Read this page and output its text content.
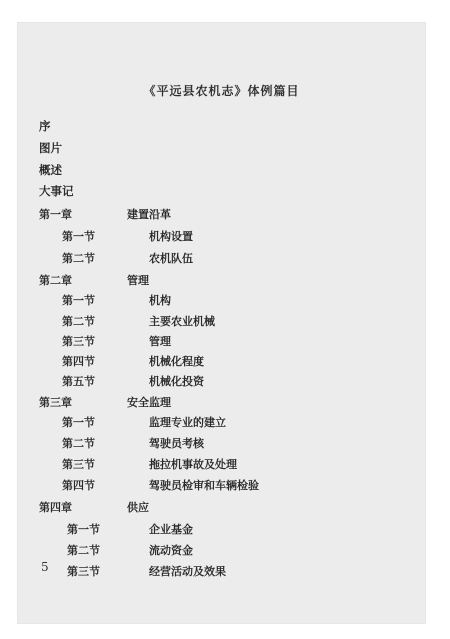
《平远县农机志》体例篇目
序
图片
概述
大事记
第一章	建置沿革
第一节	机构设置
第二节	农机队伍
第二章	管理
第一节	机构
第二节	主要农业机械
第三节	管理
第四节	机械化程度
第五节	机械化投资
第三章	安全监理
第一节	监理专业的建立
第二节	驾驶员考核
第三节	拖拉机事故及处理
第四节	驾驶员检审和车辆检验
第四章	供应
第一节	企业基金
第二节	流动资金
第三节	经营活动及效果
5
